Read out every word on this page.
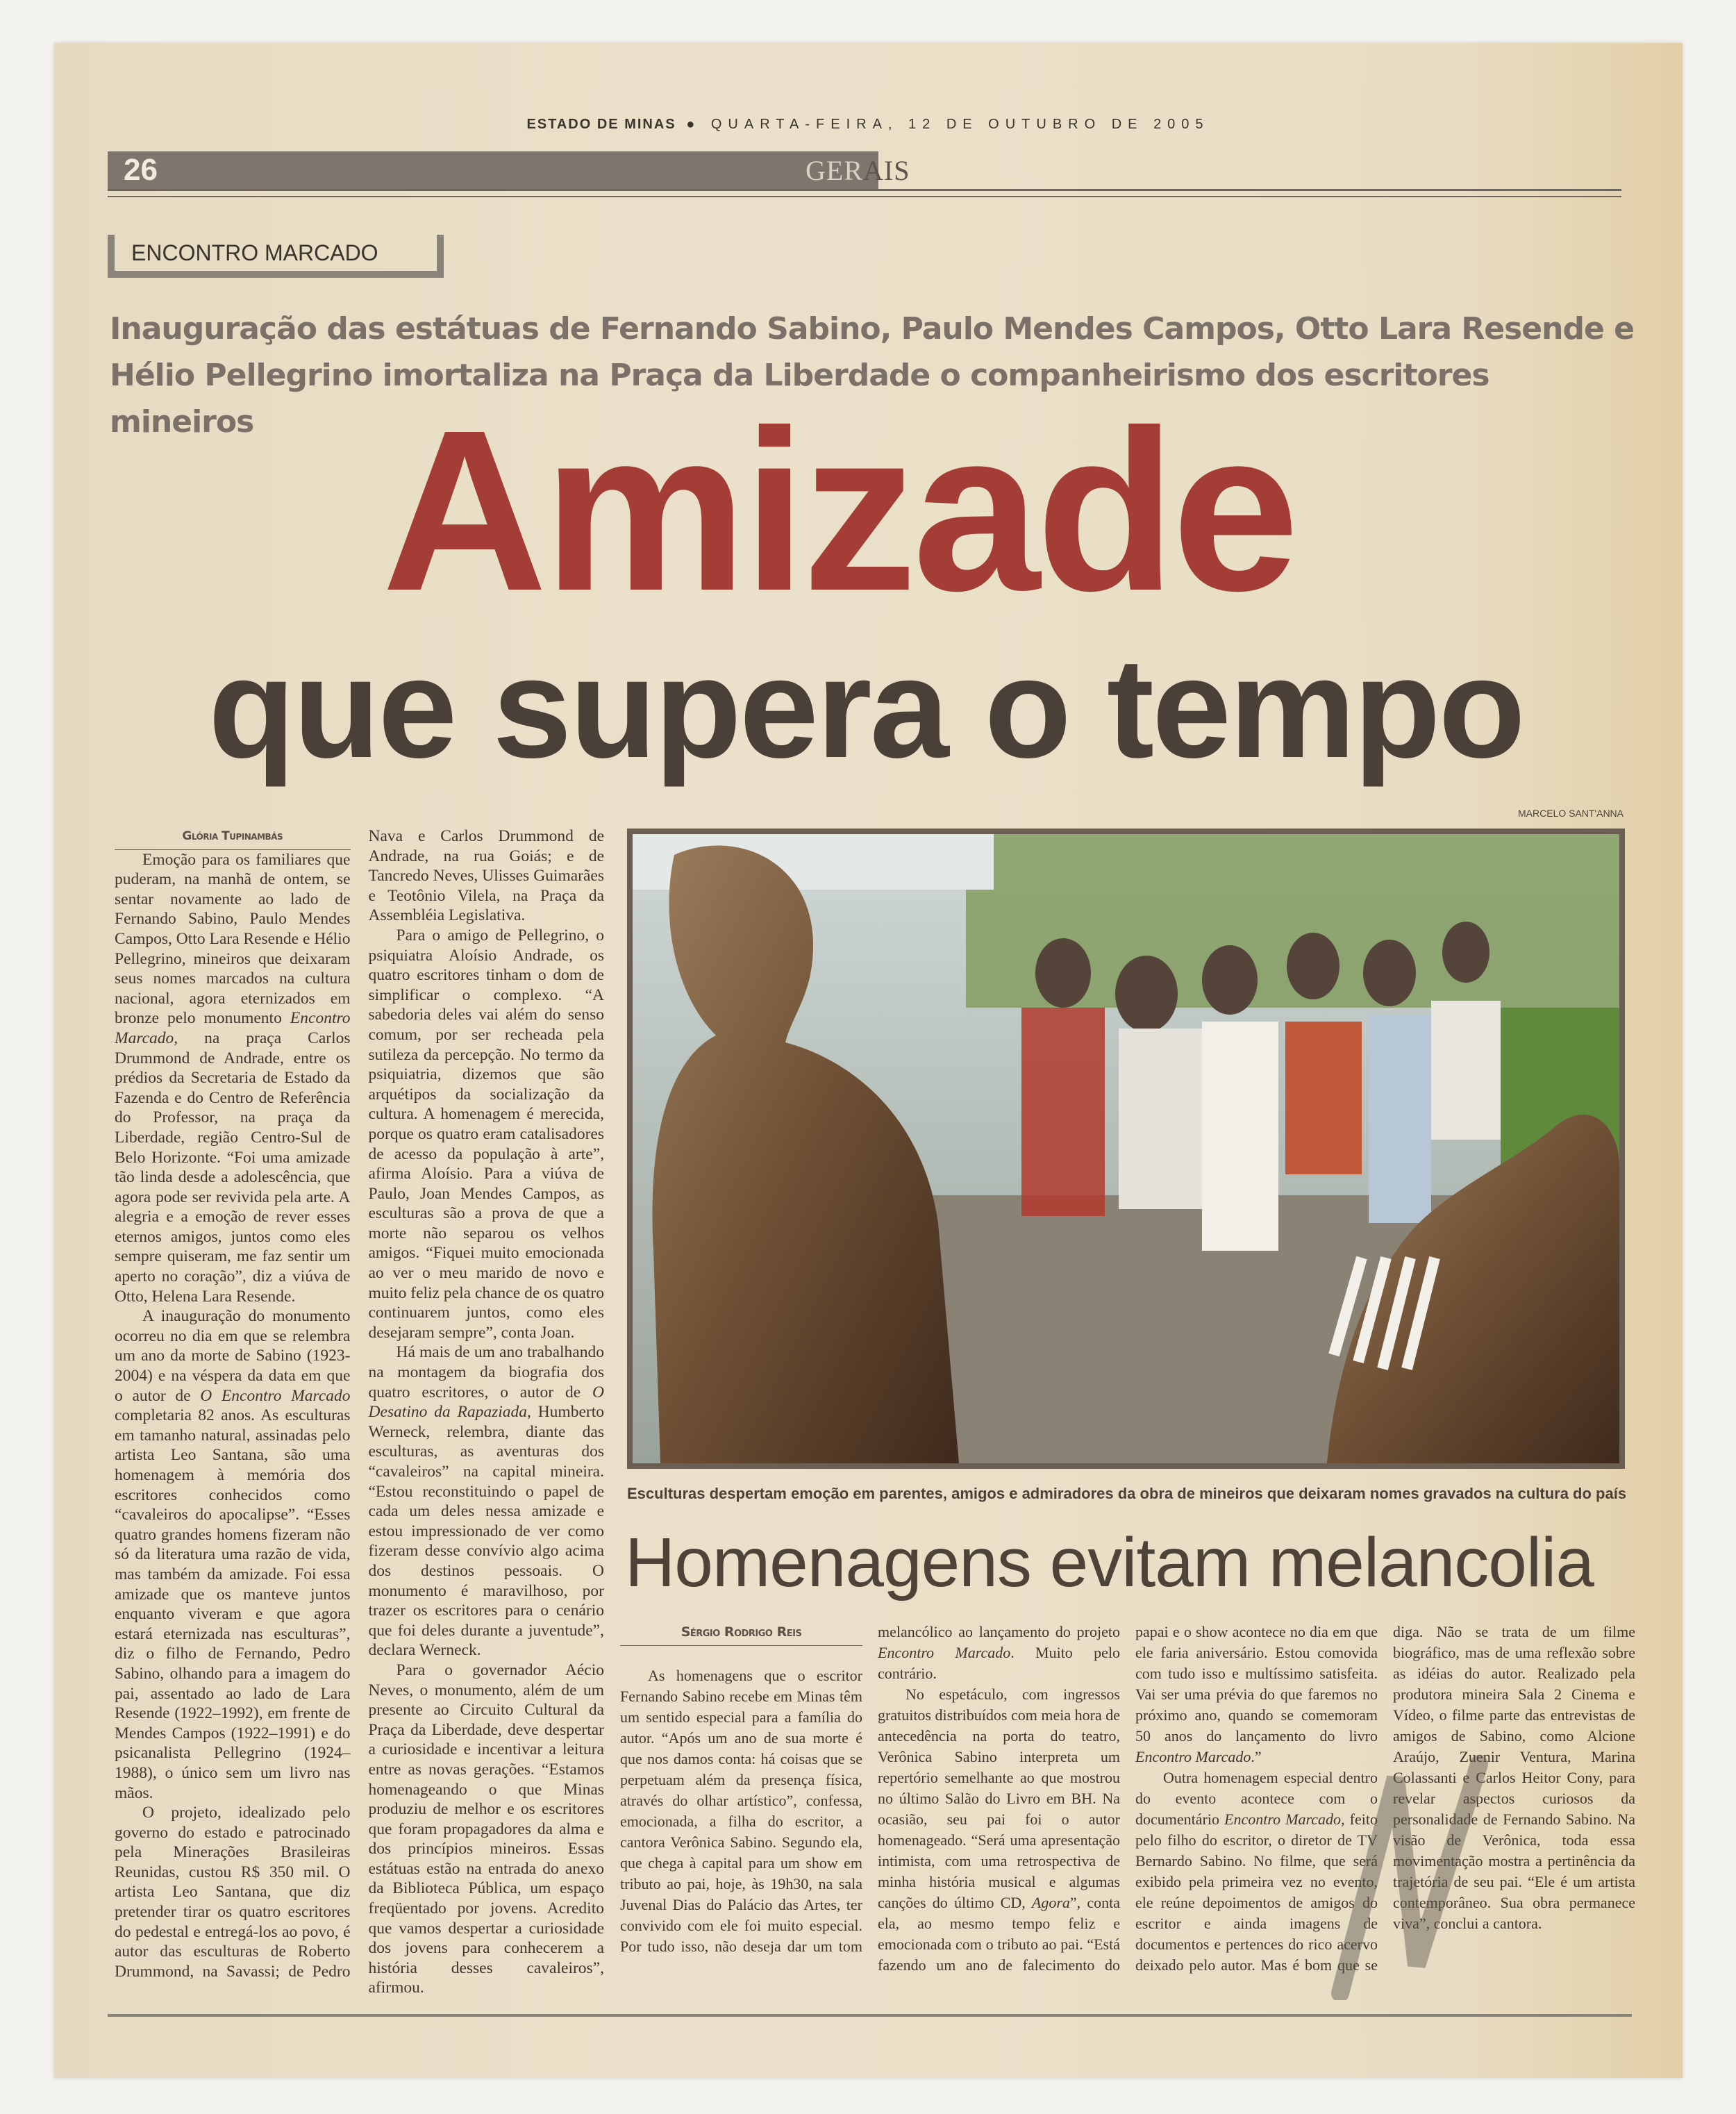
ESTADO DE MINAS ● QUARTA-FEIRA, 12 DE OUTUBRO DE 2005
26	GERAIS
ENCONTRO MARCADO
Inauguração das estátuas de Fernando Sabino, Paulo Mendes Campos, Otto Lara Resende e Hélio Pellegrino imortaliza na Praça da Liberdade o companheirismo dos escritores mineiros Amizade
que supera o tempo
MARCELO SANT'ANNA
Esculturas despertam emoção em parentes, amigos e admiradores da obra de mineiros que deixaram nomes gravados na cultura do país

Glória Tupinambás

Emoção para os familiares que puderam, na manhã de ontem, se sentar novamente ao lado de Fernando Sabino, Paulo Mendes Campos, Otto Lara Resende e Hélio Pellegrino, mineiros que deixaram seus nomes marcados na cultura nacional, agora eternizados em bronze pelo monumento Encontro Marcado, na praça Carlos Drummond de Andrade, entre os prédios da Secretaria de Estado da Fazenda e do Centro de Referência do Professor, na praça da Liberdade, região Centro-Sul de Belo Horizonte. “Foi uma amizade tão linda desde a adolescência, que agora pode ser revivida pela arte. A alegria e a emoção de rever esses eternos amigos, juntos como eles sempre quiseram, me faz sentir um aperto no coração”, diz a viúva de Otto, Helena Lara Resende.

A inauguração do monumento ocorreu no dia em que se relembra um ano da morte de Sabino (1923-2004) e na véspera da data em que o autor de O Encontro Marcado completaria 82 anos. As esculturas em tamanho natural, assinadas pelo artista Leo Santana, são uma homenagem à memória dos escritores conhecidos como “cavaleiros do apocalipse”. “Esses quatro grandes homens fizeram não só da literatura uma razão de vida, mas também da amizade. Foi essa amizade que os manteve juntos enquanto viveram e que agora estará eternizada nas esculturas”, diz o filho de Fernando, Pedro Sabino, olhando para a imagem do pai, assentado ao lado de Lara Resende (1922–1992), em frente de Mendes Campos (1922–1991) e do psicanalista Pellegrino (1924–1988), o único sem um livro nas mãos.

O projeto, idealizado pelo governo do estado e patrocinado pela Minerações Brasileiras Reunidas, custou R$ 350 mil. O artista Leo Santana, que diz pretender tirar os quatro escritores do pedestal e entregá-los ao povo, é autor das esculturas de Roberto Drummond, na Savassi; de Pedro Nava e Carlos Drummond de Andrade, na rua Goiás; e de Tancredo Neves, Ulisses Guimarães e Teotônio Vilela, na Praça da Assembléia Legislativa.

Para o amigo de Pellegrino, o psiquiatra Aloísio Andrade, os quatro escritores tinham o dom de simplificar o complexo. “A sabedoria deles vai além do senso comum, por ser recheada pela sutileza da percepção. No termo da psiquiatria, dizemos que são arquétipos da socialização da cultura. A homenagem é merecida, porque os quatro eram catalisadores de acesso da população à arte”, afirma Aloísio. Para a viúva de Paulo, Joan Mendes Campos, as esculturas são a prova de que a morte não separou os velhos amigos. “Fiquei muito emocionada ao ver o meu marido de novo e muito feliz pela chance de os quatro continuarem juntos, como eles desejaram sempre”, conta Joan.

Há mais de um ano trabalhando na montagem da biografia dos quatro escritores, o autor de O Desatino da Rapaziada, Humberto Werneck, relembra, diante das esculturas, as aventuras dos “cavaleiros” na capital mineira. “Estou reconstituindo o papel de cada um deles nessa amizade e estou impressionado de ver como fizeram desse convívio algo acima dos destinos pessoais. O monumento é maravilhoso, por trazer os escritores para o cenário que foi deles durante a juventude”, declara Werneck.

Para o governador Aécio Neves, o monumento, além de um presente ao Circuito Cultural da Praça da Liberdade, deve despertar a curiosidade e incentivar a leitura entre as novas gerações. “Estamos homenageando o que Minas produziu de melhor e os escritores que foram propagadores da alma e dos princípios mineiros. Essas estátuas estão na entrada do anexo da Biblioteca Pública, um espaço freqüentado por jovens. Acredito que vamos despertar a curiosidade dos jovens para conhecerem a história desses cavaleiros”, afirmou.

Homenagens evitam melancolia

Sérgio Rodrigo Reis

As homenagens que o escritor Fernando Sabino recebe em Minas têm um sentido especial para a família do autor. “Após um ano de sua morte é que nos damos conta: há coisas que se perpetuam além da presença física, através do olhar artístico”, confessa, emocionada, a filha do escritor, a cantora Verônica Sabino. Segundo ela, que chega à capital para um show em tributo ao pai, hoje, às 19h30, na sala Juvenal Dias do Palácio das Artes, ter convivido com ele foi muito especial. Por tudo isso, não deseja dar um tom melancólico ao lançamento do projeto Encontro Marcado. Muito pelo contrário.

No espetáculo, com ingressos gratuitos distribuídos com meia hora de antecedência na porta do teatro, Verônica Sabino interpreta um repertório semelhante ao que mostrou no último Salão do Livro em BH. Na ocasião, seu pai foi o autor homenageado. “Será uma apresentação intimista, com uma retrospectiva de minha história musical e algumas canções do último CD, Agora”, conta ela, ao mesmo tempo feliz e emocionada com o tributo ao pai. “Está fazendo um ano de falecimento do papai e o show acontece no dia em que ele faria aniversário. Estou comovida com tudo isso e multíssimo satisfeita. Vai ser uma prévia do que faremos no próximo ano, quando se comemoram 50 anos do lançamento do livro Encontro Marcado.”

Outra homenagem especial dentro do evento acontece com o documentário Encontro Marcado, feito pelo filho do escritor, o diretor de TV Bernardo Sabino. No filme, que será exibido pela primeira vez no evento, ele reúne depoimentos de amigos do escritor e ainda imagens de documentos e pertences do rico acervo deixado pelo autor. Mas é bom que se diga. Não se trata de um filme biográfico, mas de uma reflexão sobre as idéias do autor. Realizado pela produtora mineira Sala 2 Cinema e Vídeo, o filme parte das entrevistas de amigos de Sabino, como Alcione Araújo, Zuenir Ventura, Marina Colassanti e Carlos Heitor Cony, para revelar aspectos curiosos da personalidade de Fernando Sabino. Na visão de Verônica, toda essa movimentação mostra a pertinência da trajetória de seu pai. “Ele é um artista contemporâneo. Sua obra permanece viva”, conclui a cantora.
